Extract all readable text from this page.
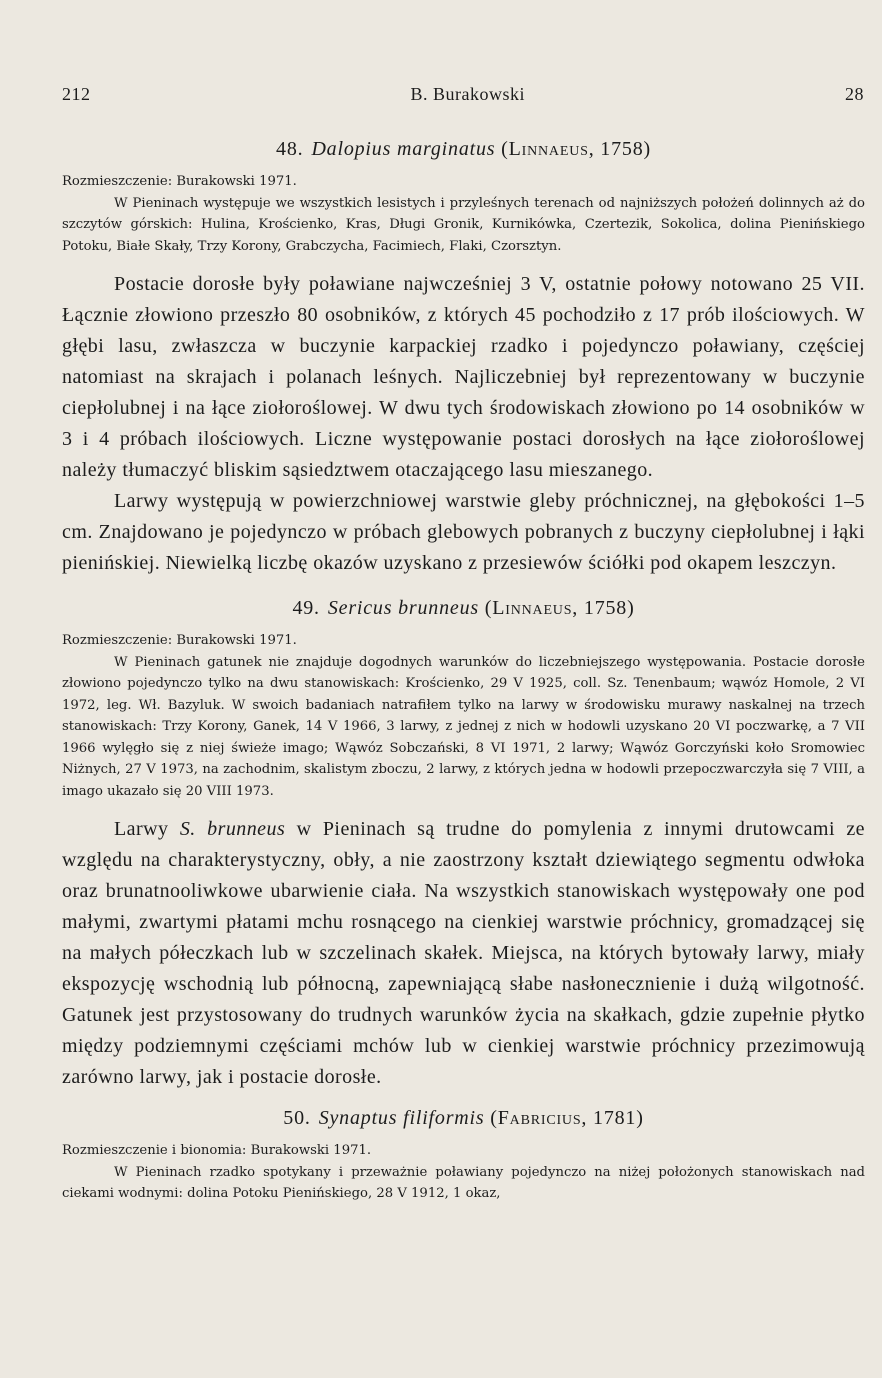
212	B. Burakowski	28
48. Dalopius marginatus (Linnaeus, 1758)

Rozmieszczenie: Burakowski 1971.

W Pieninach występuje we wszystkich lesistych i przyleśnych terenach od najniższych położeń dolinnych aż do szczytów górskich: Hulina, Krościenko, Kras, Długi Gronik, Kurnikówka, Czertezik, Sokolica, dolina Pienińskiego Potoku, Białe Skały, Trzy Korony, Grabczycha, Facimiech, Flaki, Czorsztyn.

Postacie dorosłe były poławiane najwcześniej 3 V, ostatnie połowy notowano 25 VII. Łącznie złowiono przeszło 80 osobników, z których 45 pochodziło z 17 prób ilościowych. W głębi lasu, zwłaszcza w buczynie karpackiej rzadko i pojedynczo poławiany, częściej natomiast na skrajach i polanach leśnych. Najliczebniej był reprezentowany w buczynie ciepłolubnej i na łące ziołoroślowej. W dwu tych środowiskach złowiono po 14 osobników w 3 i 4 próbach ilościowych. Liczne występowanie postaci dorosłych na łące ziołoroślowej należy tłumaczyć bliskim sąsiedztwem otaczającego lasu mieszanego.

Larwy występują w powierzchniowej warstwie gleby próchnicznej, na głębokości 1–5 cm. Znajdowano je pojedynczo w próbach glebowych pobranych z buczyny ciepłolubnej i łąki pienińskiej. Niewielką liczbę okazów uzyskano z przesiewów ściółki pod okapem leszczyn.

49. Sericus brunneus (Linnaeus, 1758)

Rozmieszczenie: Burakowski 1971.

W Pieninach gatunek nie znajduje dogodnych warunków do liczebniejszego występowania. Postacie dorosłe złowiono pojedynczo tylko na dwu stanowiskach: Krościenko, 29 V 1925, coll. Sz. Tenenbaum; wąwóz Homole, 2 VI 1972, leg. Wł. Bazyluk. W swoich badaniach natrafiłem tylko na larwy w środowisku murawy naskalnej na trzech stanowiskach: Trzy Korony, Ganek, 14 V 1966, 3 larwy, z jednej z nich w hodowli uzyskano 20 VI poczwarkę, a 7 VII 1966 wylęgło się z niej świeże imago; Wąwóz Sobczański, 8 VI 1971, 2 larwy; Wąwóz Gorczyński koło Sromowiec Niżnych, 27 V 1973, na zachodnim, skalistym zboczu, 2 larwy, z których jedna w hodowli przepoczwarczyła się 7 VIII, a imago ukazało się 20 VIII 1973.

Larwy S. brunneus w Pieninach są trudne do pomylenia z innymi drutowcami ze względu na charakterystyczny, obły, a nie zaostrzony kształt dziewiątego segmentu odwłoka oraz brunatnooliwkowe ubarwienie ciała. Na wszystkich stanowiskach występowały one pod małymi, zwartymi płatami mchu rosnącego na cienkiej warstwie próchnicy, gromadzącej się na małych półeczkach lub w szczelinach skałek. Miejsca, na których bytowały larwy, miały ekspozycję wschodnią lub północną, zapewniającą słabe nasłonecznienie i dużą wilgotność. Gatunek jest przystosowany do trudnych warunków życia na skałkach, gdzie zupełnie płytko między podziemnymi częściami mchów lub w cienkiej warstwie próchnicy przezimowują zarówno larwy, jak i postacie dorosłe.

50. Synaptus filiformis (Fabricius, 1781)

Rozmieszczenie i bionomia: Burakowski 1971.

W Pieninach rzadko spotykany i przeważnie poławiany pojedynczo na niżej położonych stanowiskach nad ciekami wodnymi: dolina Potoku Pienińskiego, 28 V 1912, 1 okaz,
